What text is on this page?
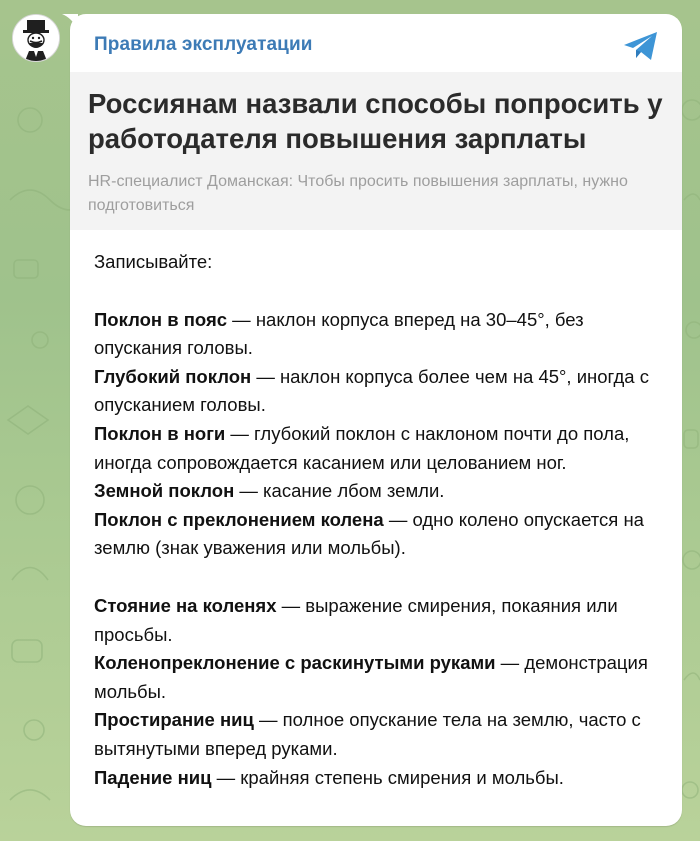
Правила эксплуатации
Россиянам назвали способы попросить у работодателя повышения зарплаты
HR-специалист Доманская: Чтобы просить повышения зарплаты, нужно подготовиться

Записывайте:

Поклон в пояс — наклон корпуса вперед на 30–45°, без опускания головы.

Глубокий поклон — наклон корпуса более чем на 45°, иногда с опусканием головы.

Поклон в ноги — глубокий поклон с наклоном почти до пола, иногда сопровождается касанием или целованием ног.

Земной поклон — касание лбом земли.

Поклон с преклонением колена — одно колено опускается на землю (знак уважения или мольбы).

Стояние на коленях — выражение смирения, покаяния или просьбы.

Коленопреклонение с раскинутыми руками — демонстрация мольбы.

Простирание ниц — полное опускание тела на землю, часто с вытянутыми вперед руками.

Падение ниц — крайняя степень смирения и мольбы.
